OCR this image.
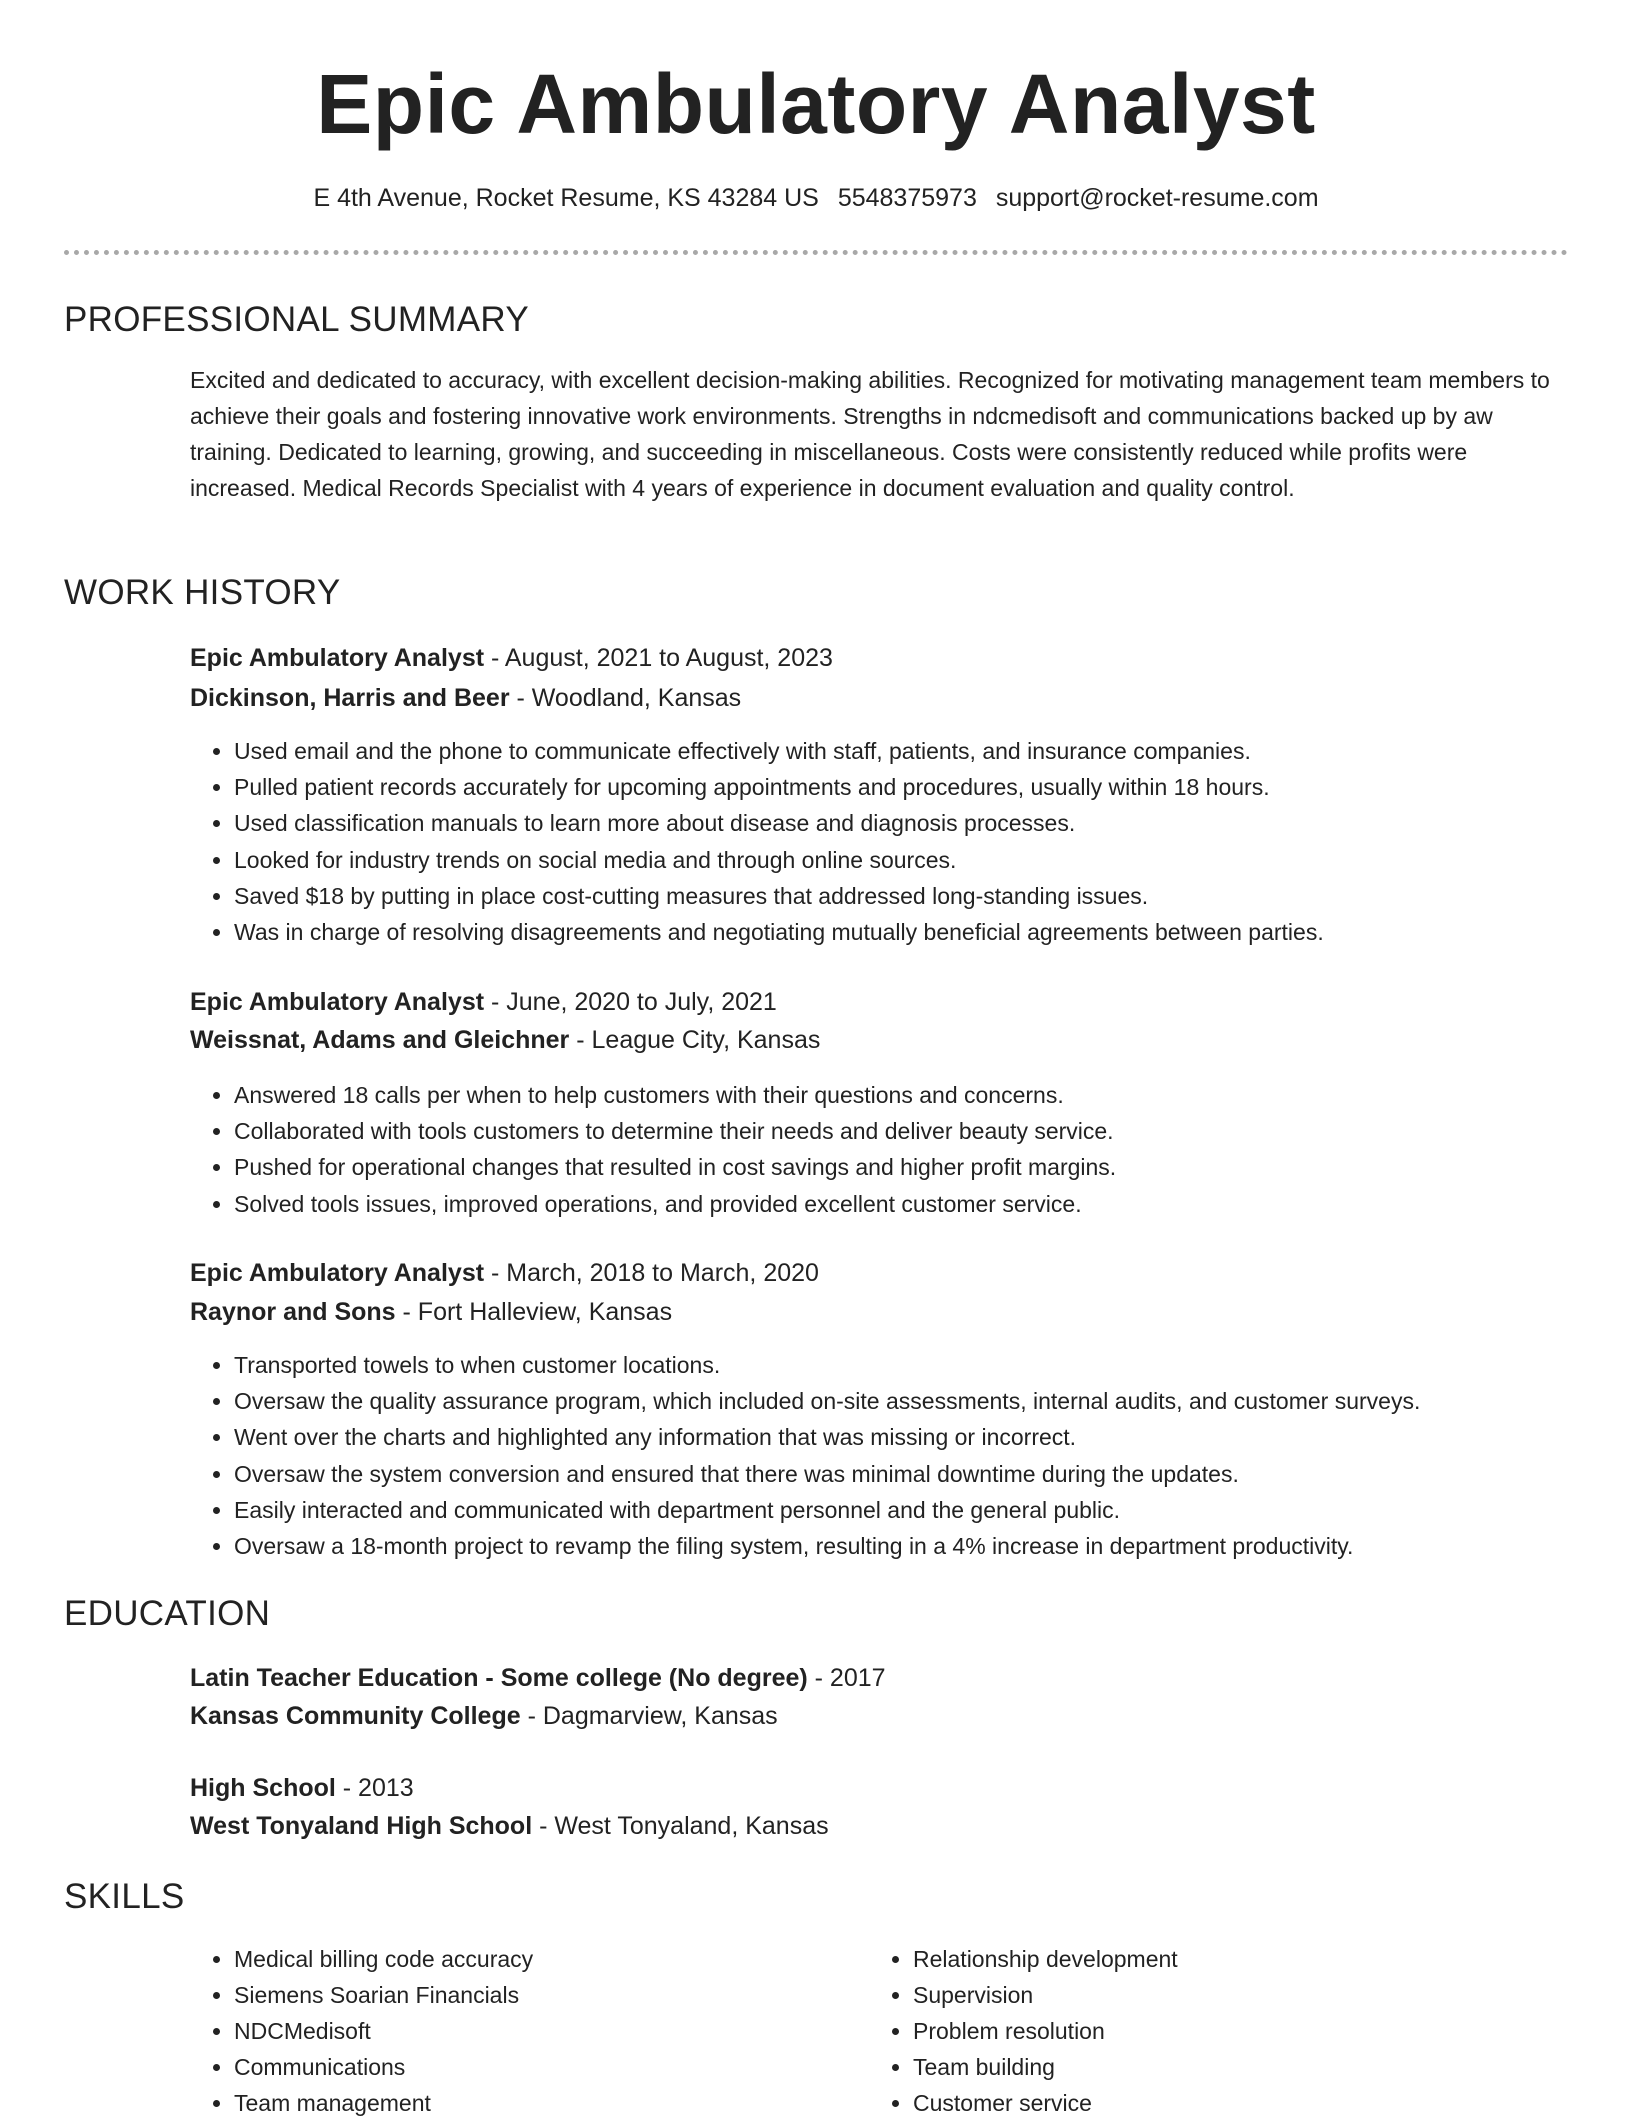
Epic Ambulatory Analyst
E 4th Avenue, Rocket Resume, KS 43284 US 5548375973 support@rocket-resume.com
PROFESSIONAL SUMMARY
Excited and dedicated to accuracy, with excellent decision-making abilities. Recognized for motivating management team members to achieve their goals and fostering innovative work environments. Strengths in ndcmedisoft and communications backed up by aw training. Dedicated to learning, growing, and succeeding in miscellaneous. Costs were consistently reduced while profits were increased. Medical Records Specialist with 4 years of experience in document evaluation and quality control.
WORK HISTORY
Epic Ambulatory Analyst - August, 2021 to August, 2023
Dickinson, Harris and Beer - Woodland, Kansas
• Used email and the phone to communicate effectively with staff, patients, and insurance companies.
• Pulled patient records accurately for upcoming appointments and procedures, usually within 18 hours.
• Used classification manuals to learn more about disease and diagnosis processes.
• Looked for industry trends on social media and through online sources.
• Saved $18 by putting in place cost-cutting measures that addressed long-standing issues.
• Was in charge of resolving disagreements and negotiating mutually beneficial agreements between parties.
Epic Ambulatory Analyst - June, 2020 to July, 2021
Weissnat, Adams and Gleichner - League City, Kansas
• Answered 18 calls per when to help customers with their questions and concerns.
• Collaborated with tools customers to determine their needs and deliver beauty service.
• Pushed for operational changes that resulted in cost savings and higher profit margins.
• Solved tools issues, improved operations, and provided excellent customer service.
Epic Ambulatory Analyst - March, 2018 to March, 2020
Raynor and Sons - Fort Halleview, Kansas
• Transported towels to when customer locations.
• Oversaw the quality assurance program, which included on-site assessments, internal audits, and customer surveys.
• Went over the charts and highlighted any information that was missing or incorrect.
• Oversaw the system conversion and ensured that there was minimal downtime during the updates.
• Easily interacted and communicated with department personnel and the general public.
• Oversaw a 18-month project to revamp the filing system, resulting in a 4% increase in department productivity.
EDUCATION
Latin Teacher Education - Some college (No degree) - 2017
Kansas Community College - Dagmarview, Kansas
High School - 2013
West Tonyaland High School - West Tonyaland, Kansas
SKILLS
• Medical billing code accuracy
• Siemens Soarian Financials
• NDCMedisoft
• Communications
• Team management
• Relationship development
• Supervision
• Problem resolution
• Team building
• Customer service
